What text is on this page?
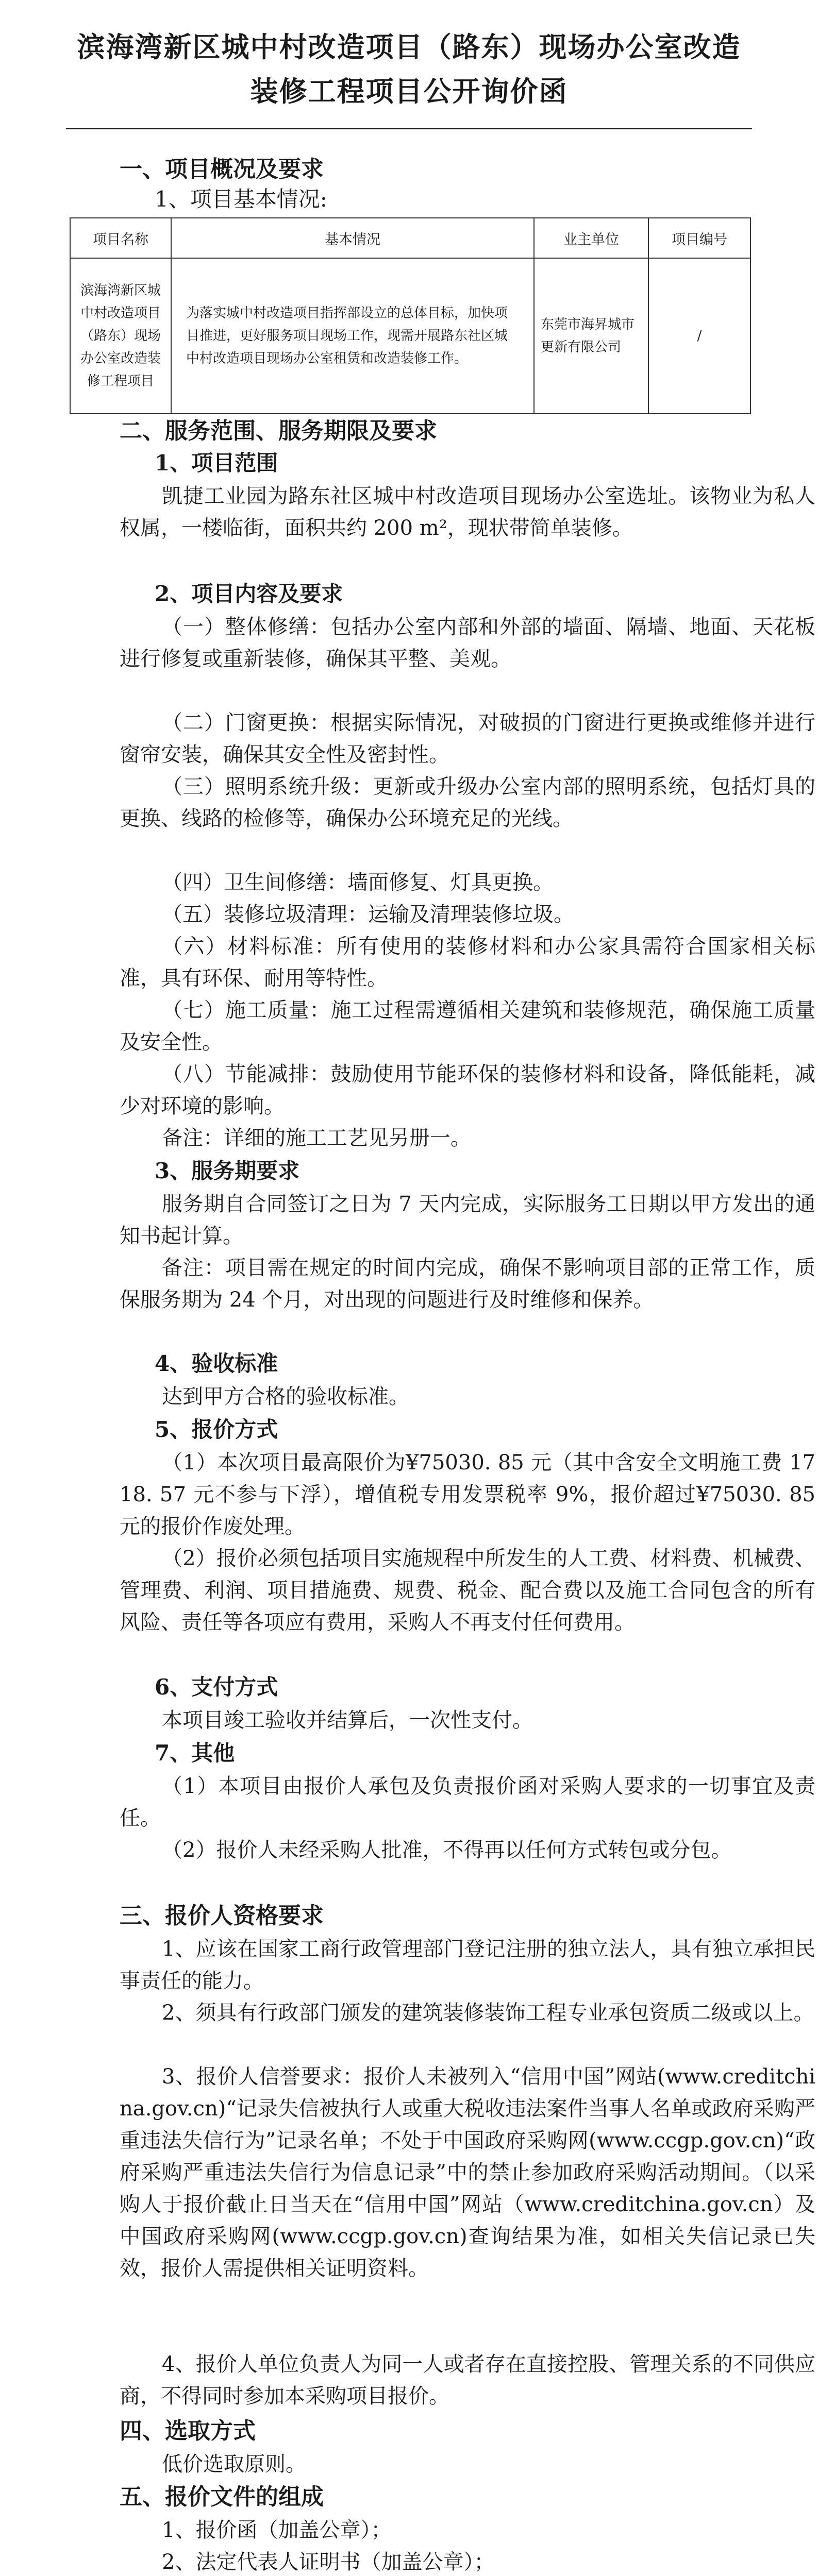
滨海湾新区城中村改造项目（路东）现场办公室改造
装修工程项目公开询价函
一、项目概况及要求
1、项目基本情况:
项目名称	基本情况	业主单位	项目编号
滨海湾新区城中村改造项目（路东）现场办公室改造装修工程项目	为落实城中村改造项目指挥部设立的总体目标，加快项目推进，更好服务项目现场工作，现需开展路东社区城中村改造项目现场办公室租赁和改造装修工作。	东莞市海昇城市更新有限公司	/
二、服务范围、服务期限及要求
1、项目范围
凯捷工业园为路东社区城中村改造项目现场办公室选址。该物业为私人权属，一楼临街，面积共约 200 m²，现状带简单装修。
2、项目内容及要求
（一）整体修缮：包括办公室内部和外部的墙面、隔墙、地面、天花板进行修复或重新装修，确保其平整、美观。
（二）门窗更换：根据实际情况，对破损的门窗进行更换或维修并进行窗帘安装，确保其安全性及密封性。
（三）照明系统升级：更新或升级办公室内部的照明系统，包括灯具的更换、线路的检修等，确保办公环境充足的光线。
（四）卫生间修缮：墙面修复、灯具更换。
（五）装修垃圾清理：运输及清理装修垃圾。
（六）材料标准：所有使用的装修材料和办公家具需符合国家相关标准，具有环保、耐用等特性。
（七）施工质量：施工过程需遵循相关建筑和装修规范，确保施工质量及安全性。
（八）节能减排：鼓励使用节能环保的装修材料和设备，降低能耗，减少对环境的影响。
备注：详细的施工工艺见另册一。
3、服务期要求
服务期自合同签订之日为 7 天内完成，实际服务工日期以甲方发出的通知书起计算。
备注：项目需在规定的时间内完成，确保不影响项目部的正常工作，质保服务期为 24 个月，对出现的问题进行及时维修和保养。
4、验收标准
达到甲方合格的验收标准。
5、报价方式
（1）本次项目最高限价为¥75030. 85 元（其中含安全文明施工费 1718. 57 元不参与下浮），增值税专用发票税率 9%，报价超过¥75030. 85 元的报价作废处理。
（2）报价必须包括项目实施规程中所发生的人工费、材料费、机械费、管理费、利润、项目措施费、规费、税金、配合费以及施工合同包含的所有风险、责任等各项应有费用，采购人不再支付任何费用。
6、支付方式
本项目竣工验收并结算后，一次性支付。
7、其他
（1）本项目由报价人承包及负责报价函对采购人要求的一切事宜及责任。
（2）报价人未经采购人批准，不得再以任何方式转包或分包。
三、报价人资格要求
1、应该在国家工商行政管理部门登记注册的独立法人，具有独立承担民事责任的能力。
2、须具有行政部门颁发的建筑装修装饰工程专业承包资质二级或以上。
3、报价人信誉要求：报价人未被列入“信用中国”网站(www.creditchina.gov.cn)“记录失信被执行人或重大税收违法案件当事人名单或政府采购严重违法失信行为”记录名单；不处于中国政府采购网(www.ccgp.gov.cn)“政府采购严重违法失信行为信息记录”中的禁止参加政府采购活动期间。（以采购人于报价截止日当天在“信用中国”网站（www.creditchina.gov.cn）及中国政府采购网(www.ccgp.gov.cn)查询结果为准，如相关失信记录已失效，报价人需提供相关证明资料。
4、报价人单位负责人为同一人或者存在直接控股、管理关系的不同供应商，不得同时参加本采购项目报价。
四、选取方式
低价选取原则。
五、报价文件的组成
1、报价函（加盖公章）；
2、法定代表人证明书（加盖公章）；
